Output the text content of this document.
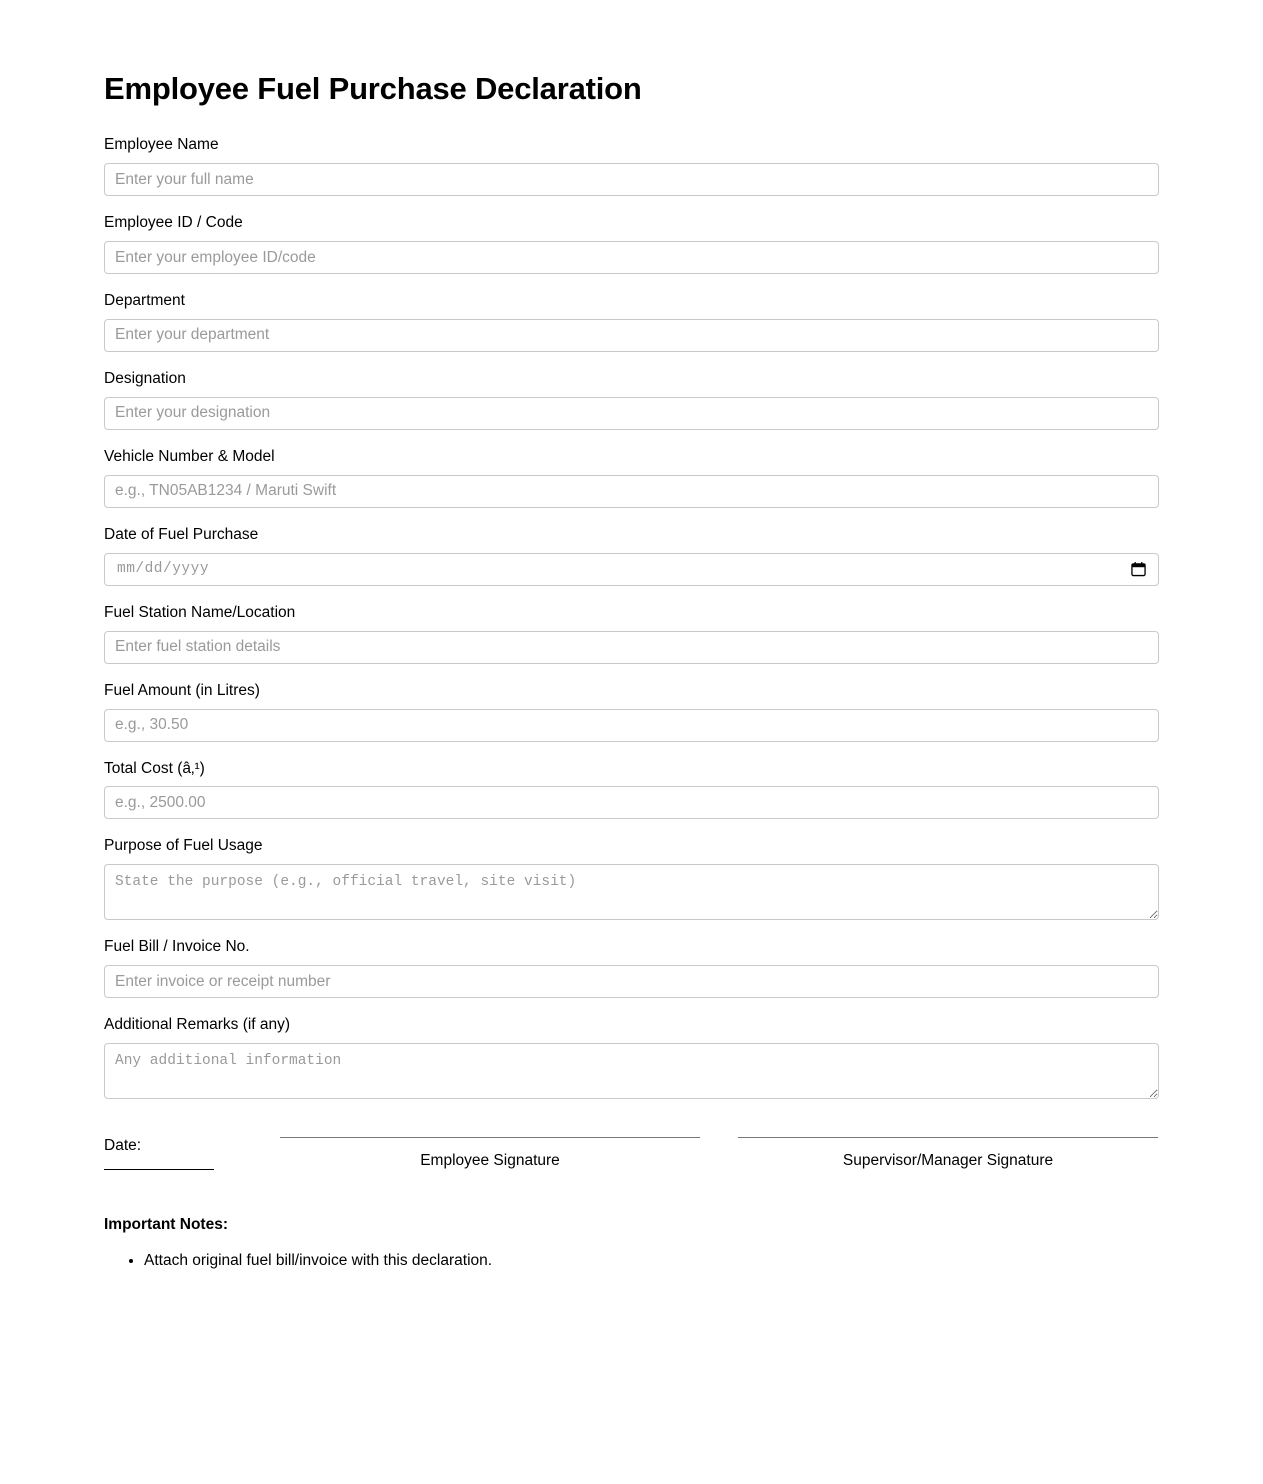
Employee Fuel Purchase Declaration
Employee Name
Enter your full name
Employee ID / Code
Enter your employee ID/code
Department
Enter your department
Designation
Enter your designation
Vehicle Number & Model
e.g., TN05AB1234 / Maruti Swift
Date of Fuel Purchase
mm/dd/yyyy
Fuel Station Name/Location
Enter fuel station details
Fuel Amount (in Litres)
e.g., 30.50
Total Cost (â‚¹)
e.g., 2500.00
Purpose of Fuel Usage
State the purpose (e.g., official travel, site visit)
Fuel Bill / Invoice No.
Enter invoice or receipt number
Additional Remarks (if any)
Any additional information
Date:
Employee Signature	Supervisor/Manager Signature
Important Notes:
• Attach original fuel bill/invoice with this declaration.
